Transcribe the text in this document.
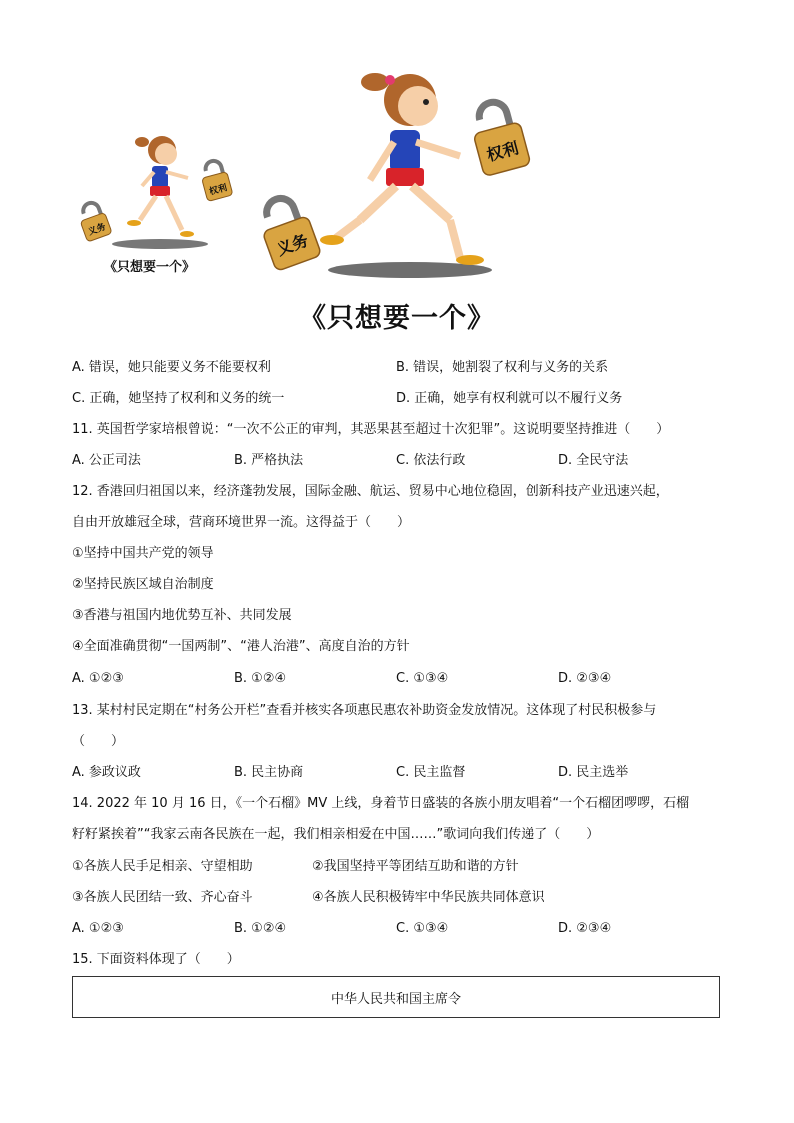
权利
义务
《只想要一个》
权利
义务
《只想要一个》
A. 错误，她只能要义务不能要权利	B. 错误，她割裂了权利与义务的关系
C. 正确，她坚持了权利和义务的统一	D. 正确，她享有权利就可以不履行义务
11. 英国哲学家培根曾说：“一次不公正的审判，其恶果甚至超过十次犯罪”。这说明要坚持推进（　　）
A. 公正司法	B. 严格执法	C. 依法行政	D. 全民守法
12. 香港回归祖国以来，经济蓬勃发展，国际金融、航运、贸易中心地位稳固，创新科技产业迅速兴起，
自由开放雄冠全球，营商环境世界一流。这得益于（　　）
①坚持中国共产党的领导
②坚持民族区域自治制度
③香港与祖国内地优势互补、共同发展
④全面准确贯彻“一国两制”、“港人治港”、高度自治的方针
A. ①②③	B. ①②④	C. ①③④	D. ②③④
13. 某村村民定期在“村务公开栏”查看并核实各项惠民惠农补助资金发放情况。这体现了村民积极参与
（　　）
A. 参政议政	B. 民主协商	C. 民主监督	D. 民主选举
14. 2022 年 10 月 16 日，《一个石榴》MV 上线，身着节日盛装的各族小朋友唱着“一个石榴团啰啰，石榴
籽籽紧挨着”“我家云南各民族在一起，我们相亲相爱在中国……”歌词向我们传递了（　　）
①各族人民手足相亲、守望相助	②我国坚持平等团结互助和谐的方针
③各族人民团结一致、齐心奋斗	④各族人民积极铸牢中华民族共同体意识
A. ①②③	B. ①②④	C. ①③④	D. ②③④
15. 下面资料体现了（　　）
中华人民共和国主席令
